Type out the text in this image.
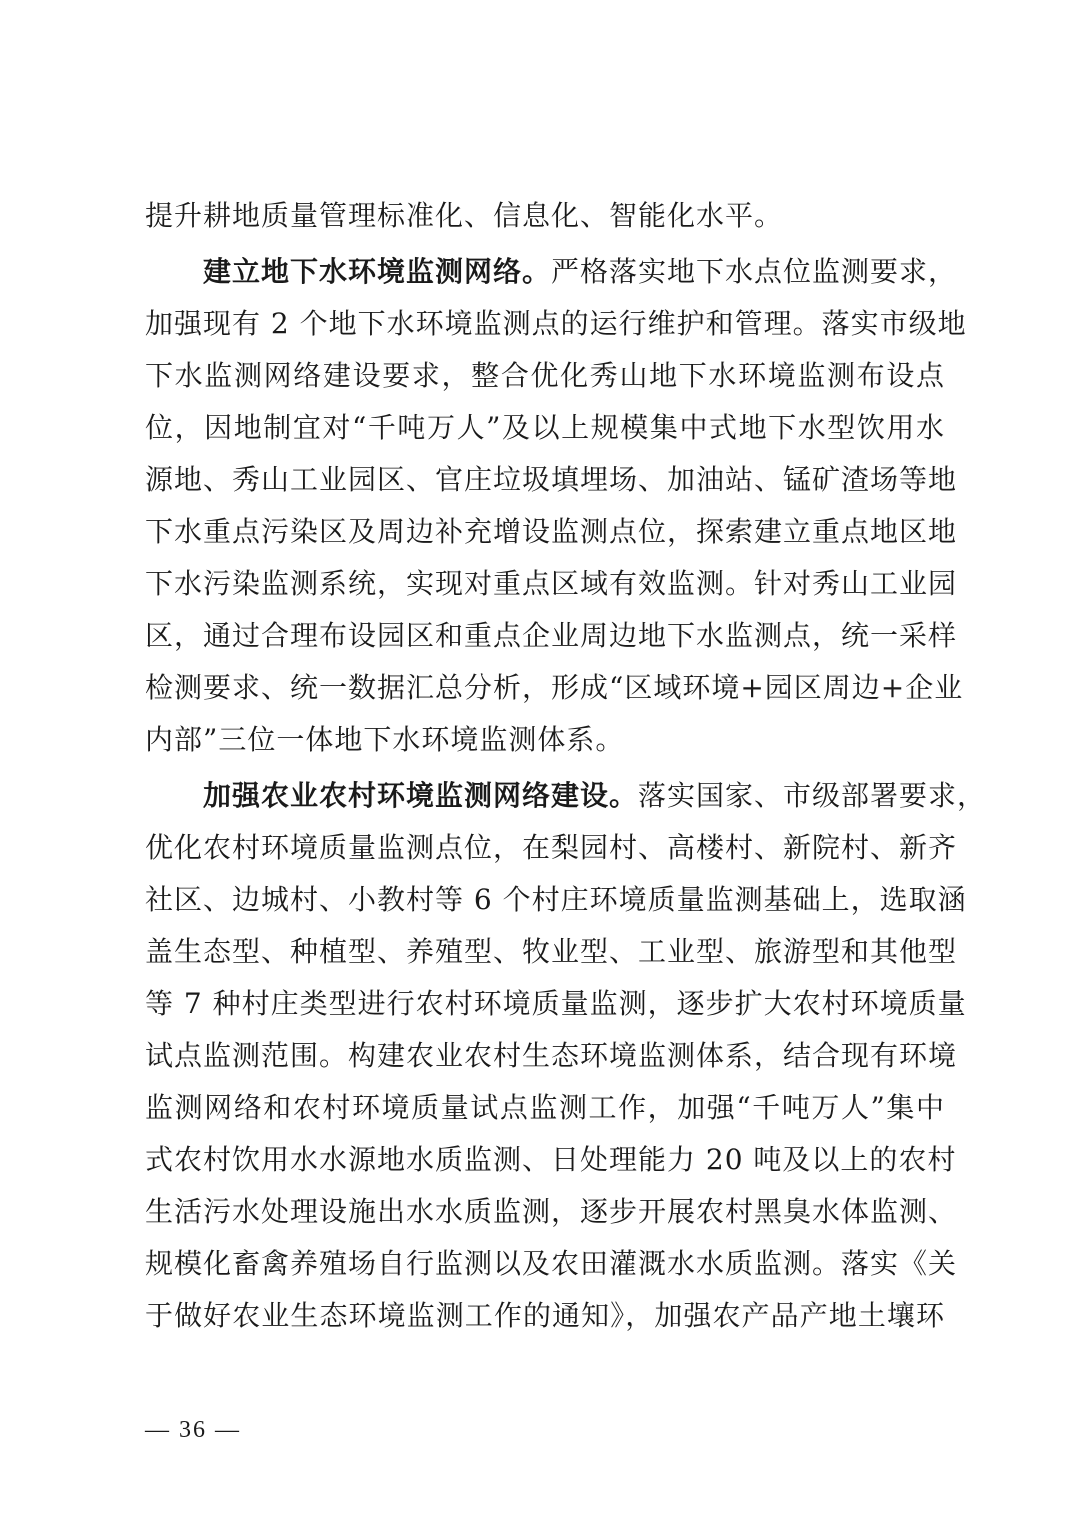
提升耕地质量管理标准化、信息化、智能化水平。
建立地下水环境监测网络。严格落实地下水点位监测要求，
加强现有 2 个地下水环境监测点的运行维护和管理。落实市级地
下水监测网络建设要求，整合优化秀山地下水环境监测布设点
位，因地制宜对“千吨万人”及以上规模集中式地下水型饮用水
源地、秀山工业园区、官庄垃圾填埋场、加油站、锰矿渣场等地
下水重点污染区及周边补充增设监测点位，探索建立重点地区地
下水污染监测系统，实现对重点区域有效监测。针对秀山工业园
区，通过合理布设园区和重点企业周边地下水监测点，统一采样
检测要求、统一数据汇总分析，形成“区域环境+园区周边+企业
内部”三位一体地下水环境监测体系。
加强农业农村环境监测网络建设。落实国家、市级部署要求，
优化农村环境质量监测点位，在梨园村、高楼村、新院村、新齐
社区、边城村、小教村等 6 个村庄环境质量监测基础上，选取涵
盖生态型、种植型、养殖型、牧业型、工业型、旅游型和其他型
等 7 种村庄类型进行农村环境质量监测，逐步扩大农村环境质量
试点监测范围。构建农业农村生态环境监测体系，结合现有环境
监测网络和农村环境质量试点监测工作，加强“千吨万人”集中
式农村饮用水水源地水质监测、日处理能力 20 吨及以上的农村
生活污水处理设施出水水质监测，逐步开展农村黑臭水体监测、
规模化畜禽养殖场自行监测以及农田灌溉水水质监测。落实《关
于做好农业生态环境监测工作的通知》，加强农产品产地土壤环
— 36 —
